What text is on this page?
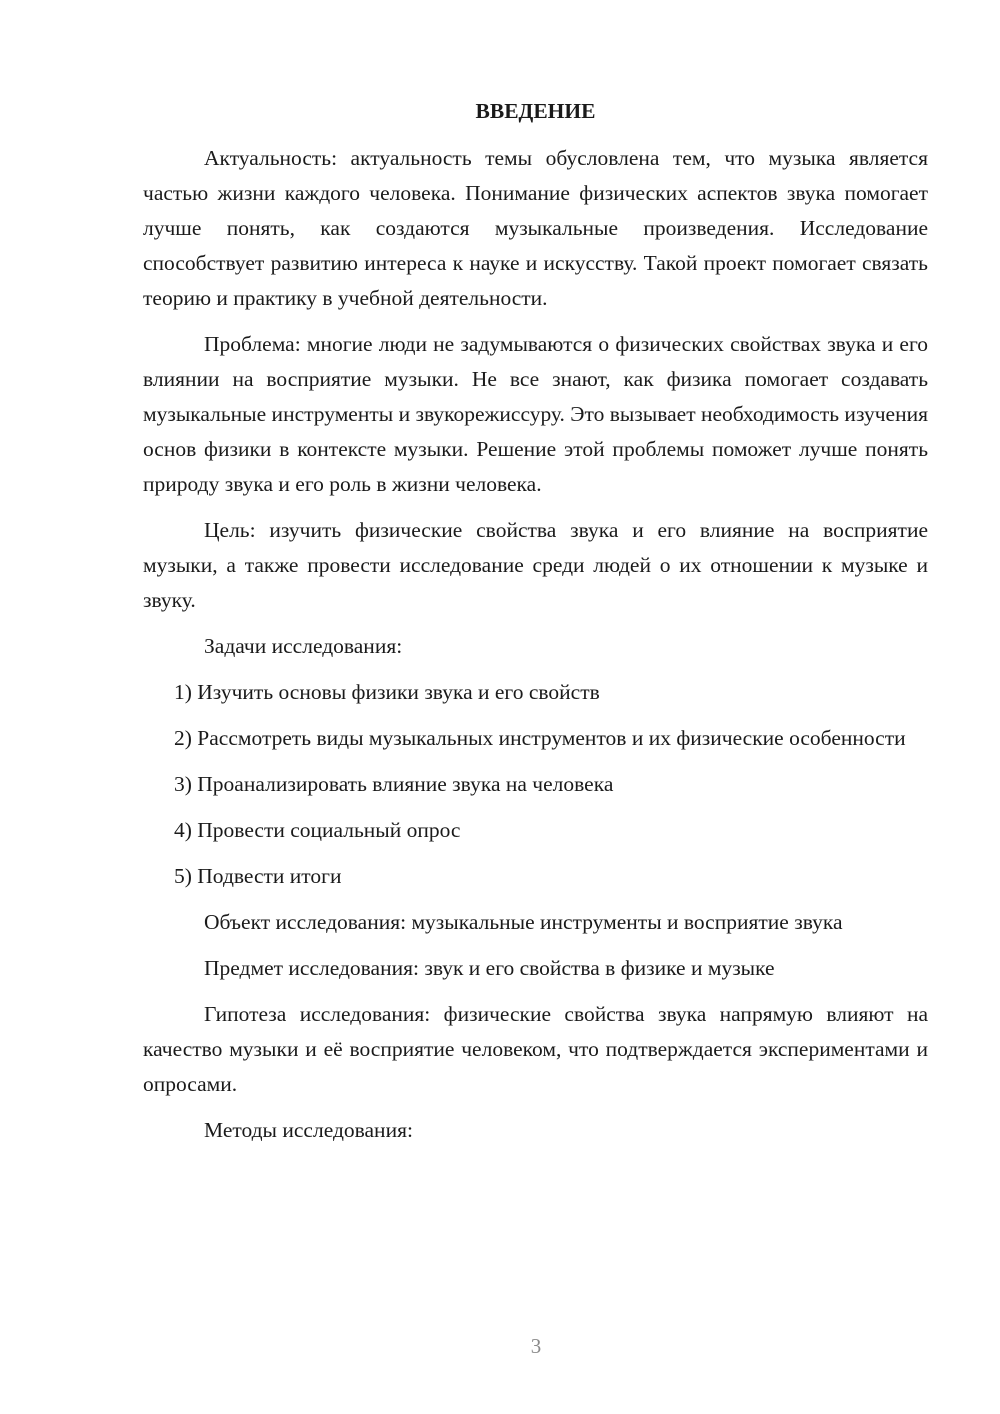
ВВЕДЕНИЕ

Актуальность: актуальность темы обусловлена тем, что музыка является частью жизни каждого человека. Понимание физических аспектов звука помогает лучше понять, как создаются музыкальные произведения. Исследование способствует развитию интереса к науке и искусству. Такой проект помогает связать теорию и практику в учебной деятельности.

Проблема: многие люди не задумываются о физических свойствах звука и его влиянии на восприятие музыки. Не все знают, как физика помогает создавать музыкальные инструменты и звукорежиссуру. Это вызывает необходимость изучения основ физики в контексте музыки. Решение этой проблемы поможет лучше понять природу звука и его роль в жизни человека.

Цель: изучить физические свойства звука и его влияние на восприятие музыки, а также провести исследование среди людей о их отношении к музыке и звуку.

Задачи исследования:

1) Изучить основы физики звука и его свойств

2) Рассмотреть виды музыкальных инструментов и их физические особенности

3) Проанализировать влияние звука на человека

4) Провести социальный опрос

5) Подвести итоги

Объект исследования: музыкальные инструменты и восприятие звука

Предмет исследования: звук и его свойства в физике и музыке

Гипотеза исследования: физические свойства звука напрямую влияют на качество музыки и её восприятие человеком, что подтверждается экспериментами и опросами.

Методы исследования:

3
